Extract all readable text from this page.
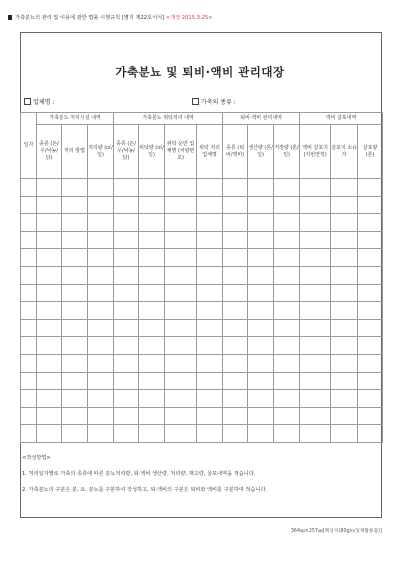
가축분뇨의 관리 및 이용에 관한 법률 시행규칙 [별지 제22호서식] <개정 2015.3.25>
가축분뇨 및 퇴비·액비 관리대장
업체명 :	가축의 종류 :
일자	가축분뇨 처리시설 내역			가축분뇨 위탁처리 내역				퇴비·액비 관리내역			액비 살포내역		
	종류 (돈/우/낙농/닭)	처리 방법	처리량 (㎥/일)	종류 (돈/우/낙농/닭)	위탁량 (㎥/일)	위탁 운반 업체명 (차량번호)	위탁 처리 업체명	종류 (퇴비/액비)	생산량 (톤/일)	저장량 (톤/일)	액비 살포지 (지번면적)	살포지 소유자	살포량 (톤)

<작성방법>
1. 처리일자별로 가축의 종류에 따른 분뇨처리량, 퇴·액비 생산량, 처리량, 재고량, 살포내역을 적습니다.
2. 가축분뇨의 구분은 분, 요, 분뇨를 구분하여 작성하고, 퇴·액비의 구분은 퇴비와 액비를 구분하여 적습니다.
364㎜×257㎜[백상지(80g/㎡)(재활용품)]
